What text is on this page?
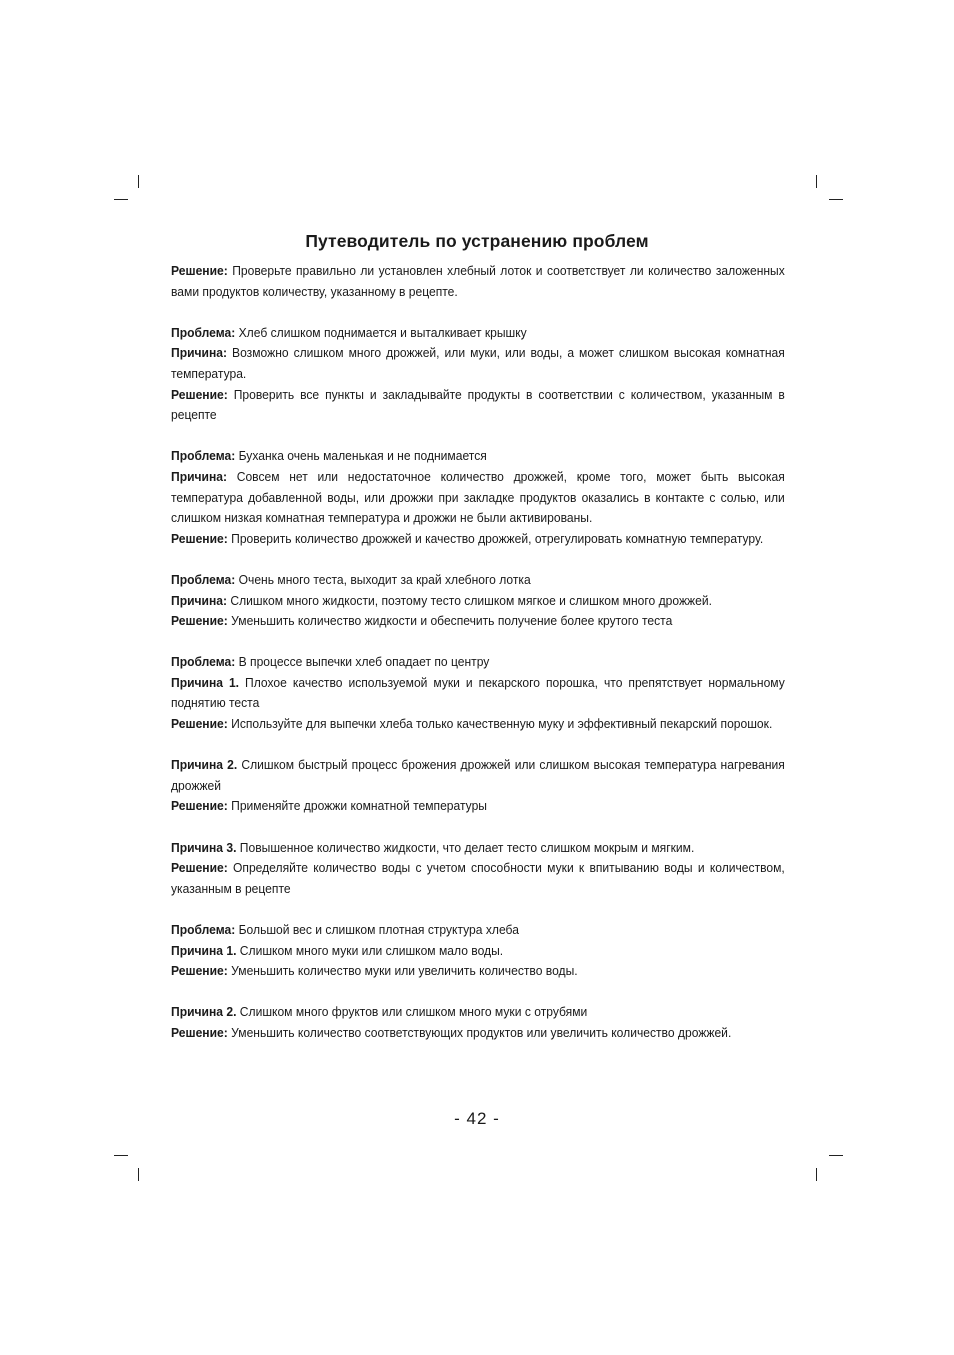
Путеводитель по устранению проблем

Решение: Проверьте правильно ли установлен хлебный лоток и соответствует ли количество заложенных вами продуктов количеству, указанному в рецепте.

Проблема: Хлеб слишком поднимается и выталкивает крышку

Причина: Возможно слишком много дрожжей, или муки, или воды, а может слишком высокая комнатная температура.

Решение: Проверить все пункты и закладывайте продукты в соответствии с количеством, указанным в рецепте

Проблема: Буханка очень маленькая и не поднимается

Причина: Совсем нет или недостаточное количество дрожжей, кроме того, может быть высокая температура добавленной воды, или дрожжи при закладке продуктов оказались в контакте с солью, или слишком низкая комнатная температура и дрожжи не были активированы.

Решение: Проверить количество дрожжей и качество дрожжей, отрегулировать комнатную температуру.

Проблема: Очень много теста, выходит за край хлебного лотка

Причина: Слишком много жидкости, поэтому тесто слишком мягкое и слишком много дрожжей.

Решение: Уменьшить количество жидкости и обеспечить получение более крутого теста

Проблема: В процессе выпечки хлеб опадает по центру

Причина 1. Плохое качество используемой муки и пекарского порошка, что препятствует нормальному поднятию теста

Решение: Используйте для выпечки хлеба только качественную муку и эффективный пекарский порошок.

Причина 2. Слишком быстрый процесс брожения дрожжей или слишком высокая температура нагревания дрожжей

Решение: Применяйте дрожжи комнатной температуры

Причина 3. Повышенное количество жидкости, что делает тесто слишком мокрым и мягким.

Решение: Определяйте количество воды с учетом способности муки к впитыванию воды и количеством, указанным в рецепте

Проблема: Большой вес и слишком плотная структура хлеба

Причина 1. Слишком много муки или слишком мало воды.

Решение: Уменьшить количество муки или увеличить количество воды.

Причина 2. Слишком много фруктов или слишком много муки с отрубями

Решение: Уменьшить количество соответствующих продуктов или увеличить количество дрожжей.

- 42 -
